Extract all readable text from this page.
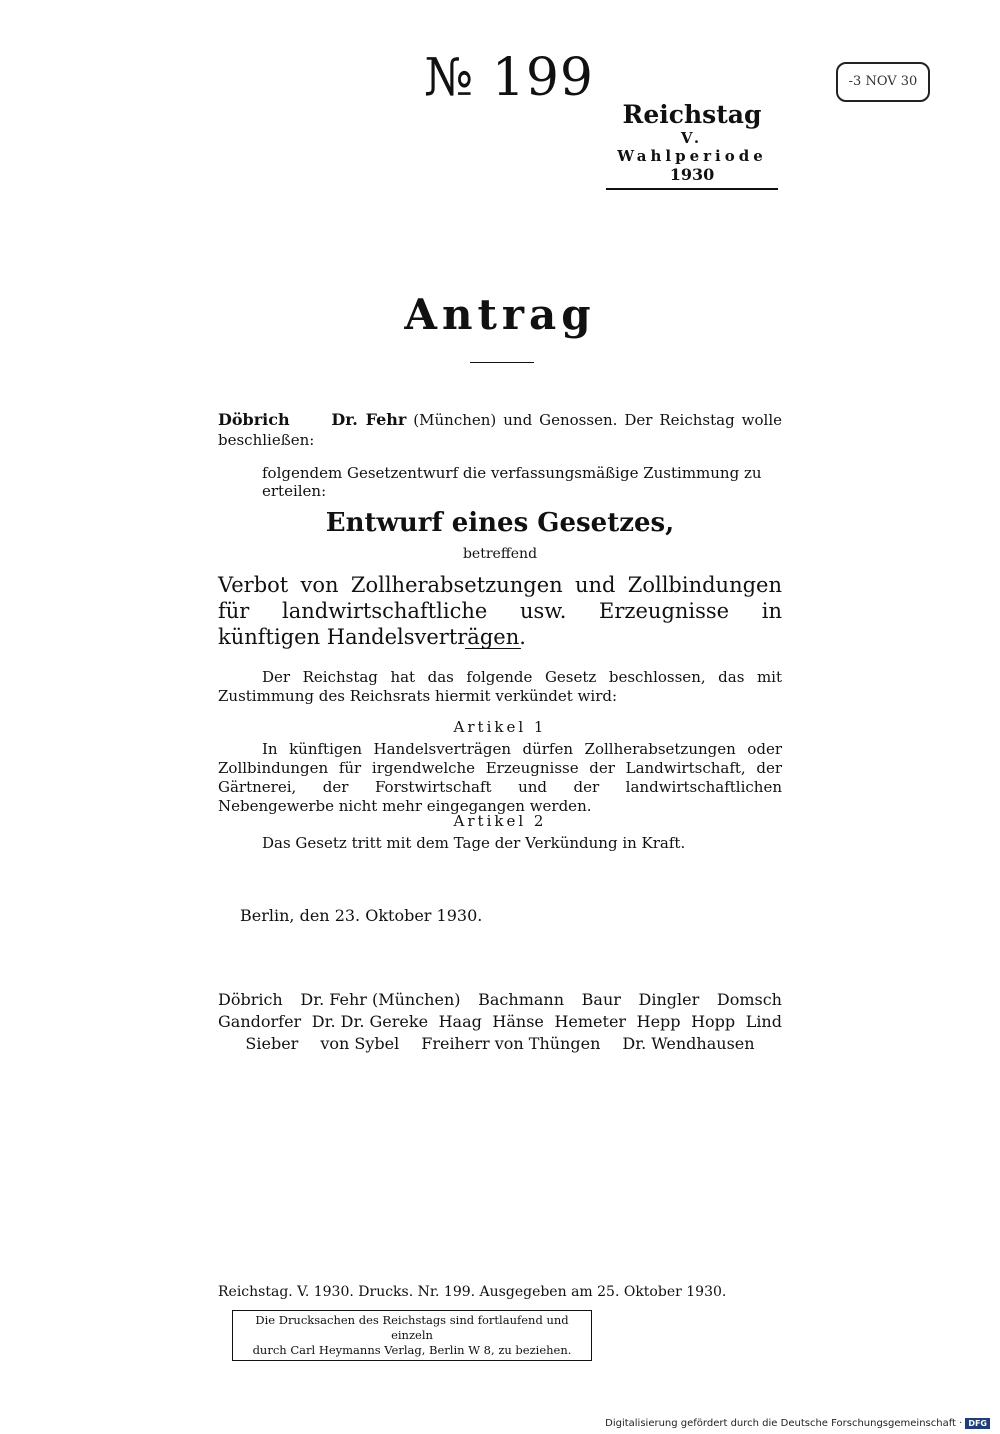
№ 199	-3 NOV 30
Reichstag
V. Wahlperiode
1930
Antrag
Döbrich	Dr. Fehr (München) und Genossen. Der Reichstag wolle beschließen:
folgendem Gesetzentwurf die verfassungsmäßige Zustimmung zu erteilen:
Entwurf eines Gesetzes,
betreffend
Verbot von Zollherabsetzungen und Zollbindungen für landwirtschaftliche usw. Erzeugnisse in künftigen Handelsverträgen.
Der Reichstag hat das folgende Gesetz beschlossen, das mit Zustimmung des Reichsrats hiermit verkündet wird:
Artikel 1
In künftigen Handelsverträgen dürfen Zollherabsetzungen oder Zollbindungen für irgendwelche Erzeugnisse der Landwirtschaft, der Gärtnerei, der Forstwirtschaft und der landwirtschaftlichen Nebengewerbe nicht mehr eingegangen werden.
Artikel 2
Das Gesetz tritt mit dem Tage der Verkündung in Kraft.
Berlin, den 23. Oktober 1930.
Döbrich Dr. Fehr (München) Bachmann Baur Dingler Domsch
Gandorfer Dr. Dr. Gereke Haag Hänse Hemeter Hepp Hopp Lind
Sieber von Sybel Freiherr von Thüngen Dr. Wendhausen
Reichstag. V. 1930. Drucks. Nr. 199. Ausgegeben am 25. Oktober 1930.
Die Drucksachen des Reichstags sind fortlaufend und einzeln
durch Carl Heymanns Verlag, Berlin W 8, zu beziehen.
Digitalisierung gefördert durch die Deutsche Forschungsgemeinschaft · DFG
